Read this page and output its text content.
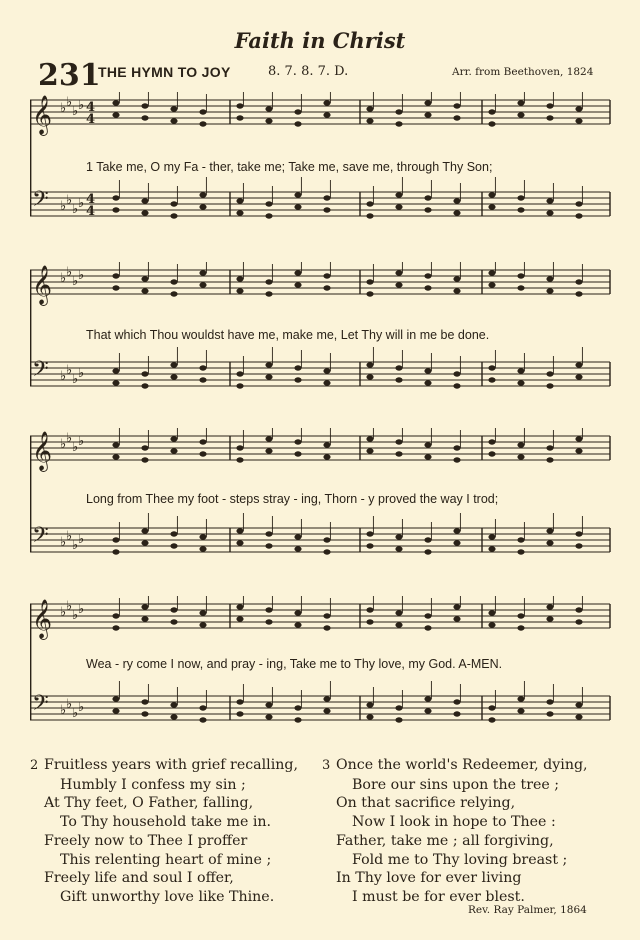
Faith in Christ
231
THE HYMN TO JOY	8. 7. 8. 7. D.	Arr. from Beethoven, 1824
𝄞 ♭ ♭
♭ ♭ 4
4
𝄢 ♭ ♭
♭ ♭ 4
4
1 Take me, O my Fa - ther, take me; Take me, save me, through Thy Son;
𝄞 ♭ ♭
♭ ♭
𝄢 ♭ ♭
♭ ♭
That which Thou wouldst have me, make me, Let Thy will in me be done.
𝄞 ♭ ♭
♭ ♭
𝄢 ♭ ♭
♭ ♭
Long from Thee my foot - steps stray - ing, Thorn - y proved the way I trod;
𝄞 ♭ ♭
♭ ♭
𝄢 ♭ ♭
♭ ♭
Wea - ry come I now, and pray - ing, Take me to Thy love, my God. A-MEN.
2 Fruitless years with grief recalling,
Humbly I confess my sin ;
At Thy feet, O Father, falling,
To Thy household take me in.
Freely now to Thee I proffer
This relenting heart of mine ;
Freely life and soul I offer,
Gift unworthy love like Thine.
3 Once the world's Redeemer, dying,
Bore our sins upon the tree ;
On that sacrifice relying,
Now I look in hope to Thee :
Father, take me ; all forgiving,
Fold me to Thy loving breast ;
In Thy love for ever living
I must be for ever blest.
Rev. Ray Palmer, 1864
